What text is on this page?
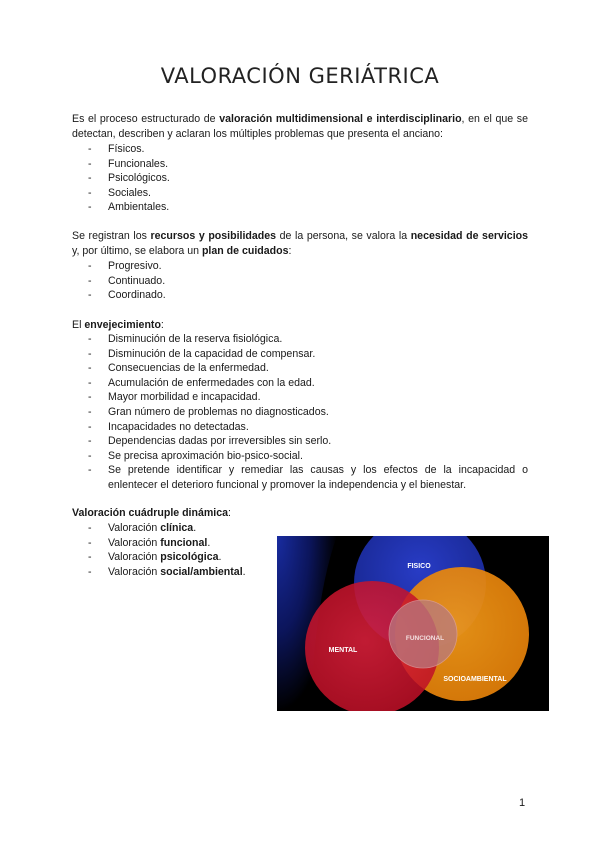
VALORACIÓN GERIÁTRICA
Es el proceso estructurado de valoración multidimensional e interdisciplinario, en el que se detectan, describen y aclaran los múltiples problemas que presenta el anciano:
- Físicos.
- Funcionales.
- Psicológicos.
- Sociales.
- Ambientales.
Se registran los recursos y posibilidades de la persona, se valora la necesidad de servicios y, por último, se elabora un plan de cuidados:
- Progresivo.
- Continuado.
- Coordinado.
El envejecimiento:
- Disminución de la reserva fisiológica.
- Disminución de la capacidad de compensar.
- Consecuencias de la enfermedad.
- Acumulación de enfermedades con la edad.
- Mayor morbilidad e incapacidad.
- Gran número de problemas no diagnosticados.
- Incapacidades no detectadas.
- Dependencias dadas por irreversibles sin serlo.
- Se precisa aproximación bio-psico-social.
- Se pretende identificar y remediar las causas y los efectos de la incapacidad o enlentecer el deterioro funcional y promover la independencia y el bienestar.
Valoración cuádruple dinámica:
- Valoración clínica.
- Valoración funcional.
- Valoración psicológica.
- Valoración social/ambiental.	FISICO
MENTAL
FUNCIONAL
SOCIOAMBIENTAL
1
